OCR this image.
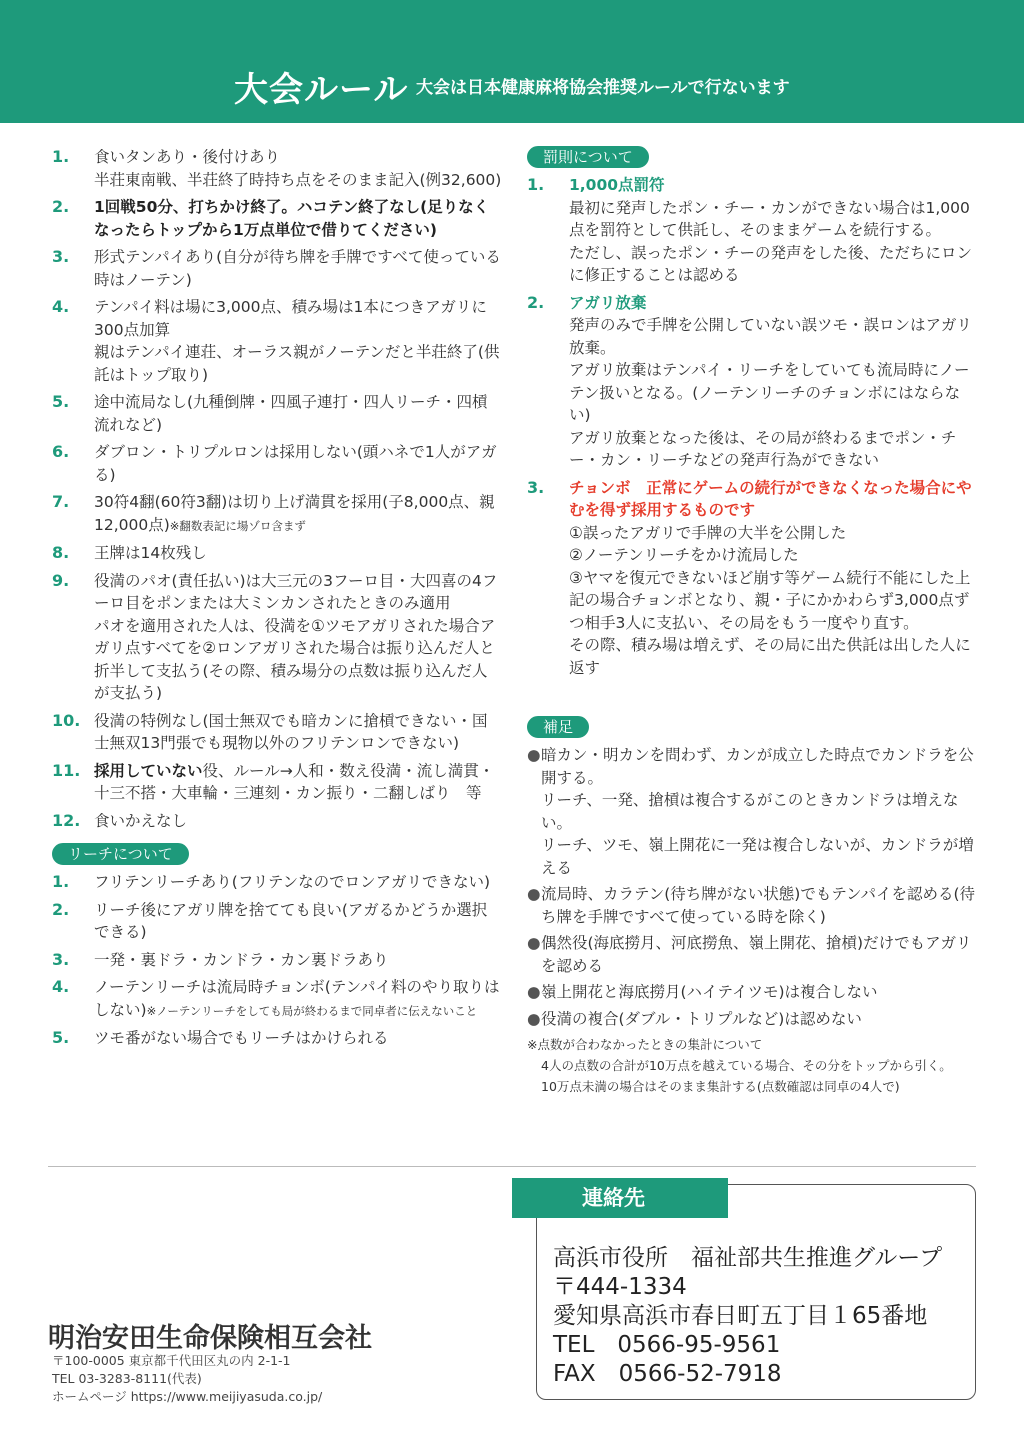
大会ルール 大会は日本健康麻将協会推奨ルールで行ないます
1.	食いタンあり・後付けあり
半荘東南戦、半荘終了時持ち点をそのまま記入(例32,600)
2.	1回戦50分、打ちかけ終了。ハコテン終了なし(足りなくなったらトップから1万点単位で借りてください)
3.	形式テンパイあり(自分が待ち牌を手牌ですべて使っている時はノーテン)
4.	テンパイ料は場に3,000点、積み場は1本につきアガリに300点加算
親はテンパイ連荘、オーラス親がノーテンだと半荘終了(供託はトップ取り)
5.	途中流局なし(九種倒牌・四風子連打・四人リーチ・四槓流れなど)
6.	ダブロン・トリプルロンは採用しない(頭ハネで1人がアガる)
7.	30符4翻(60符3翻)は切り上げ満貫を採用(子8,000点、親12,000点)※翻数表記に場ゾロ含まず
8.	王牌は14枚残し
9.	役満のパオ(責任払い)は大三元の3フーロ目・大四喜の4フーロ目をポンまたは大ミンカンされたときのみ適用
パオを適用された人は、役満を①ツモアガリされた場合アガリ点すべてを②ロンアガリされた場合は振り込んだ人と折半して支払う(その際、積み場分の点数は振り込んだ人が支払う)
10. 役満の特例なし(国士無双でも暗カンに搶槓できない・国士無双13門張でも現物以外のフリテンロンできない)
11. 採用していない役、ルール→人和・数え役満・流し満貫・十三不搭・大車輪・三連刻・カン振り・二翻しばり　等
12. 食いかえなし
リーチについて
1.	フリテンリーチあり(フリテンなのでロンアガリできない)
2.	リーチ後にアガリ牌を捨てても良い(アガるかどうか選択できる)
3.	一発・裏ドラ・カンドラ・カン裏ドラあり
4.	ノーテンリーチは流局時チョンボ(テンパイ料のやり取りはしない)※ノーテンリーチをしても局が終わるまで同卓者に伝えないこと
5.	ツモ番がない場合でもリーチはかけられる
罰則について
1.	1,000点罰符
最初に発声したポン・チー・カンができない場合は1,000点を罰符として供託し、そのままゲームを続行する。
ただし、誤ったポン・チーの発声をした後、ただちにロンに修正することは認める
2.	アガリ放棄
発声のみで手牌を公開していない誤ツモ・誤ロンはアガリ放棄。
アガリ放棄はテンパイ・リーチをしていても流局時にノーテン扱いとなる。(ノーテンリーチのチョンボにはならない)
アガリ放棄となった後は、その局が終わるまでポン・チー・カン・リーチなどの発声行為ができない
3.	チョンボ　 正常にゲームの続行ができなくなった場合にやむを得ず採用するものです
①誤ったアガリで手牌の大半を公開した
②ノーテンリーチをかけ流局した
③ヤマを復元できないほど崩す等ゲーム続行不能にした上記の場合チョンボとなり、親・子にかかわらず3,000点ずつ相手3人に支払い、その局をもう一度やり直す。
その際、積み場は増えず、その局に出た供託は出した人に返す
補足
● 暗カン・明カンを問わず、カンが成立した時点でカンドラを公開する。
リーチ、一発、搶槓は複合するがこのときカンドラは増えない。
リーチ、ツモ、嶺上開花に一発は複合しないが、カンドラが増える
● 流局時、カラテン(待ち牌がない状態)でもテンパイを認める(待ち牌を手牌ですべて使っている時を除く)
● 偶然役(海底撈月、河底撈魚、嶺上開花、搶槓)だけでもアガリを認める
● 嶺上開花と海底撈月(ハイテイツモ)は複合しない
● 役満の複合(ダブル・トリプルなど)は認めない
※点数が合わなかったときの集計について
4人の点数の合計が10万点を越えている場合、その分をトップから引く。
10万点未満の場合はそのまま集計する(点数確認は同卓の4人で)
明治安田生命保険相互会社
〒100-0005 東京都千代田区丸の内 2-1-1
TEL 03-3283-8111(代表)
ホームページ https://www.meijiyasuda.co.jp/
連絡先
高浜市役所　福祉部共生推進グループ
〒444-1334
愛知県高浜市春日町五丁目１65番地
TEL　0566-95-9561
FAX　0566-52-7918
